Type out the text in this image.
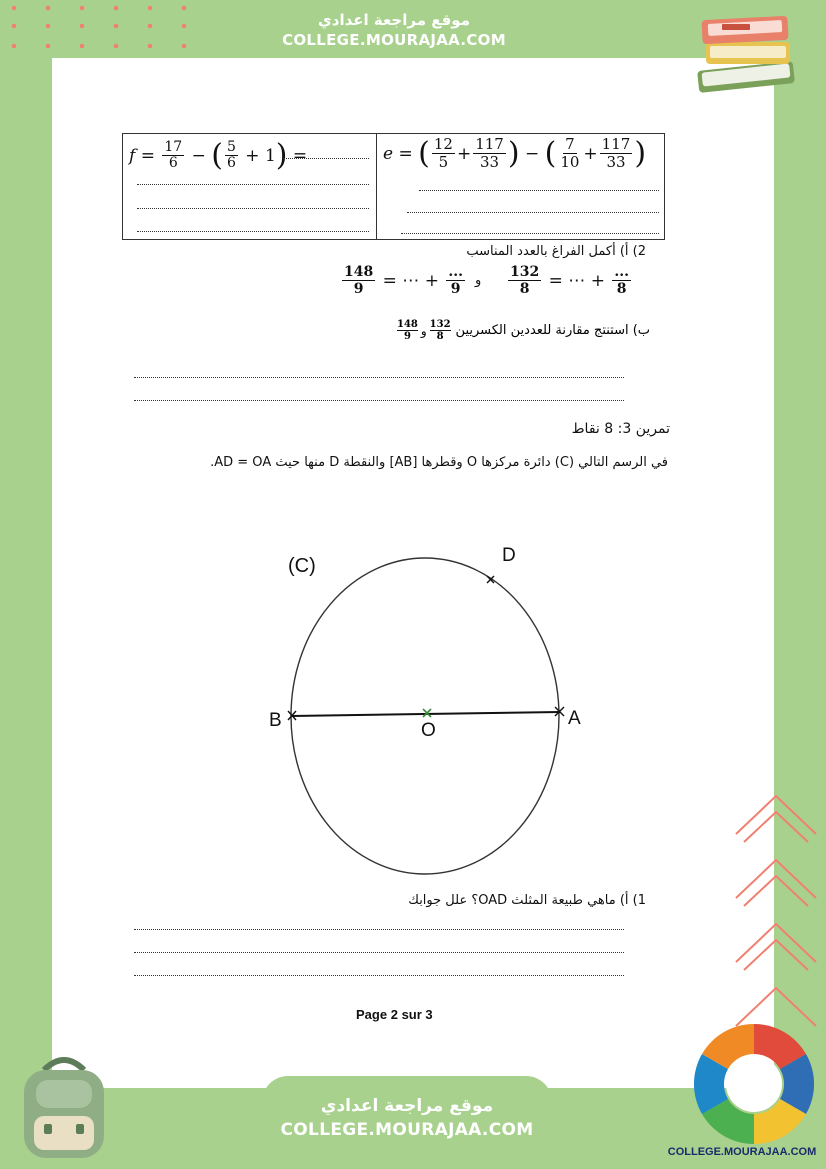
موقع مراجعة اعدادي
COLLEGE.MOURAJAA.COM
$f = \frac{17}{6}$ − ( $\frac{5}{6} + 1$ ) =	e = ( $\frac{12}{5} + \frac{117}{33}$ ) − ( $\frac{7}{10} + \frac{117}{33}$ )
2) أ) أكمل الفراغ بالعدد المناسب
$\frac{148}{9}$ = ⋯ + $\frac{...}{9}$ و $\frac{132}{8}$ = ⋯ + $\frac{...}{8}$
$\frac{148}{9}$ و $\frac{132}{8}$ ب) استنتج مقارنة للعددين الكسريين
تمرين 3: 8 نقاط
في الرسم التالي (C) دائرة مركزها O وقطرها [AB] والنقطة D منها حيث AD = OA.
(C)	D
B	A
O
1) أ) ماهي طبيعة المثلث OAD؟ علل جوابك
Page 2 sur 3
موقع مراجعة اعدادي
COLLEGE.MOURAJAA.COM
COLLEGE.MOURAJAA.COM
